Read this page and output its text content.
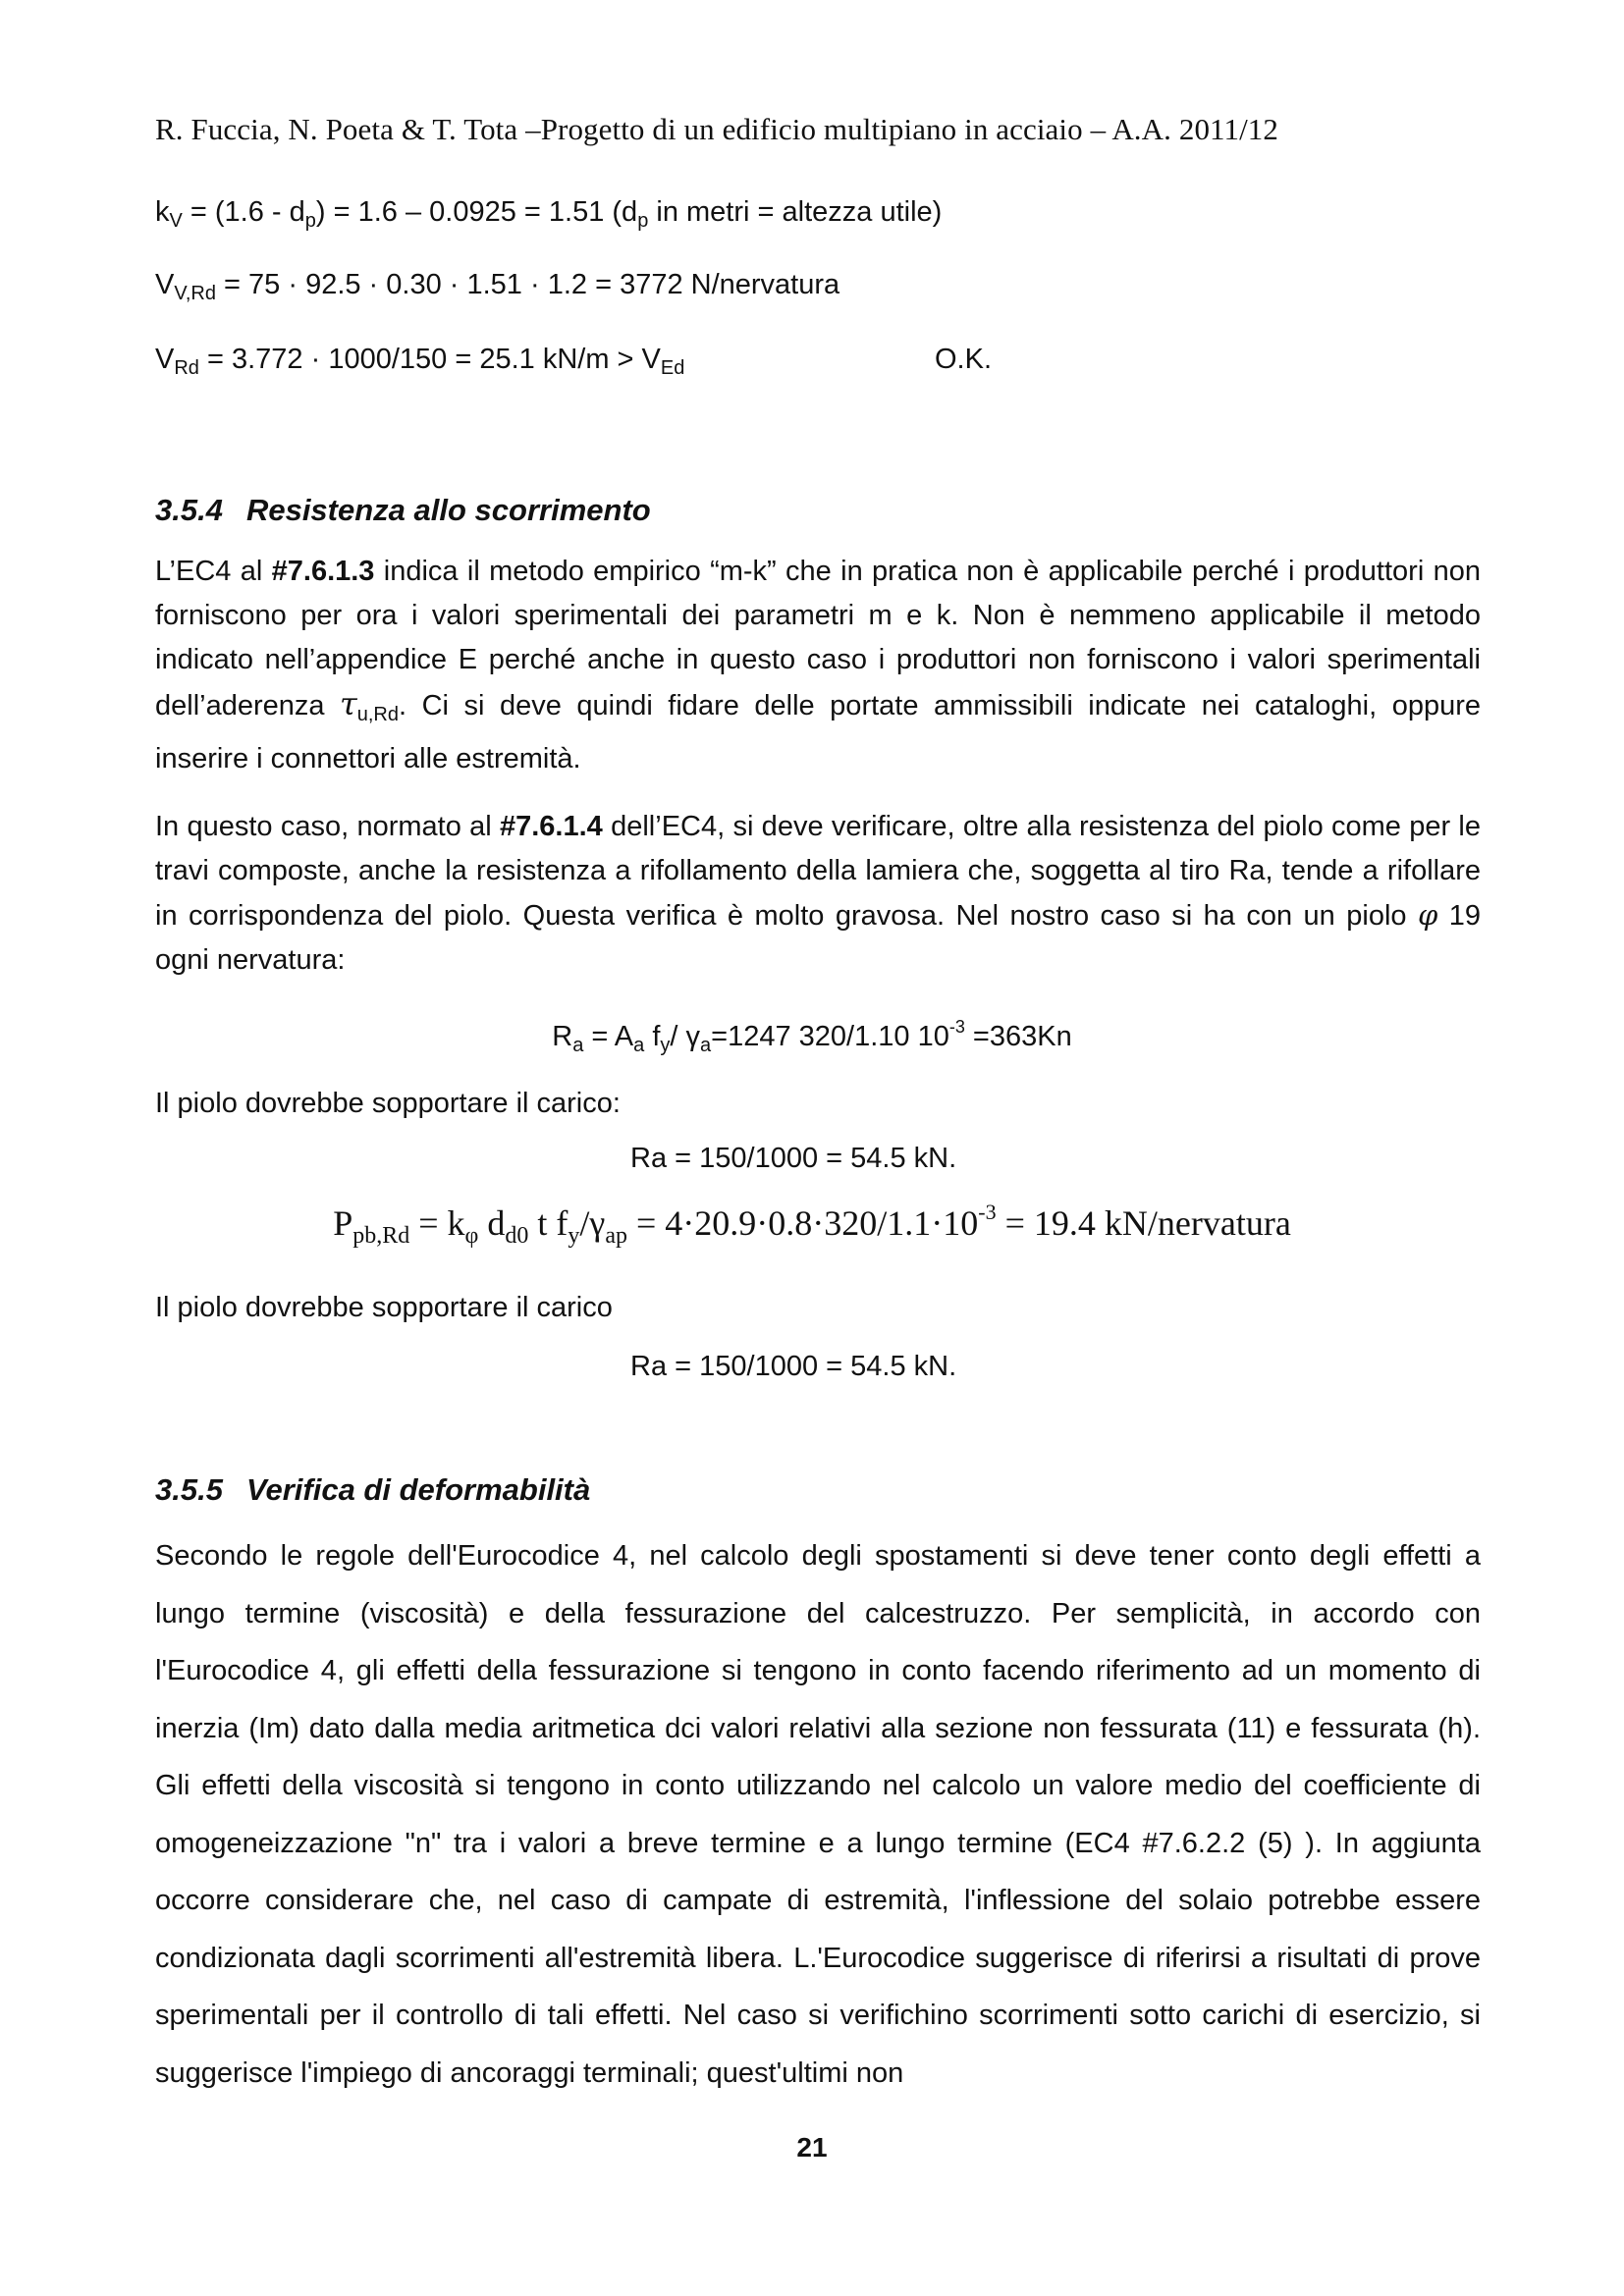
R. Fuccia, N. Poeta & T. Tota –Progetto di un edificio multipiano in acciaio – A.A. 2011/12
$k_V = (1.6 - d_p) = 1.6 - 0.0925 = 1.51$ ($d_p$ in metri = altezza utile)
$V_{V,Rd} = 75 \cdot 92.5 \cdot 0.30 \cdot 1.51 \cdot 1.2 = 3772$ N/nervatura
$V_{Rd} = 3.772 \cdot 1000/150 = 25.1$ $kN/m > V_{Ed}$	O.K.
3.5.4 Resistenza allo scorrimento
L’EC4 al #7.6.1.3 indica il metodo empirico “m-k” che in pratica non è applicabile perché i produttori non forniscono per ora i valori sperimentali dei parametri m e k. Non è nemmeno applicabile il metodo indicato nell’appendice E perché anche in questo caso i produttori non forniscono i valori sperimentali dell’aderenza $\tau_{u,Rd}$. Ci si deve quindi fidare delle portate ammissibili indicate nei cataloghi, oppure inserire i connettori alle estremità.
In questo caso, normato al #7.6.1.4 dell’EC4, si deve verificare, oltre alla resistenza del piolo come per le travi composte, anche la resistenza a rifollamento della lamiera che, soggetta al tiro Ra, tende a rifollare in corrispondenza del piolo. Questa verifica è molto gravosa. Nel nostro caso si ha con un piolo φ 19 ogni nervatura:
$R_a = A_a$ $f_y/$ $\gamma_a=1247$ 320/1.10 $10^{-3} =363Kn$
Il piolo dovrebbe sopportare il carico:
Ra = 150/1000 = 54.5 kN.
$P_{pb,Rd} = k_\varphi$ $d_{d0}$ t $f_y/\gamma_{ap} = 4\cdot 20.9\cdot 0.8\cdot 320/1.1\cdot 10^{-3} = 19.4$ kN/nervatura
Il piolo dovrebbe sopportare il carico
Ra = 150/1000 = 54.5 kN.
3.5.5 Verifica di deformabilità
Secondo le regole dell'Eurocodice 4, nel calcolo degli spostamenti si deve tener conto degli effetti a lungo termine (viscosità) e della fessurazione del calcestruzzo. Per semplicità, in accordo con l'Eurocodice 4, gli effetti della fessurazione si tengono in conto facendo riferimento ad un momento di inerzia (Im) dato dalla media aritmetica dci valori relativi alla sezione non fessurata (11) e fessurata (h). Gli effetti della viscosità si tengono in conto utilizzando nel calcolo un valore medio del coefficiente di omogeneizzazione "n" tra i valori a breve termine e a lungo termine (EC4 #7.6.2.2 (5) ). In aggiunta occorre considerare che, nel caso di campate di estremità, l'inflessione del solaio potrebbe essere condizionata dagli scorrimenti all'estremità libera. L.'Eurocodice suggerisce di riferirsi a risultati di prove sperimentali per il controllo di tali effetti. Nel caso si verifichino scorrimenti sotto carichi di esercizio, si suggerisce l'impiego di ancoraggi terminali; quest'ultimi non
21
